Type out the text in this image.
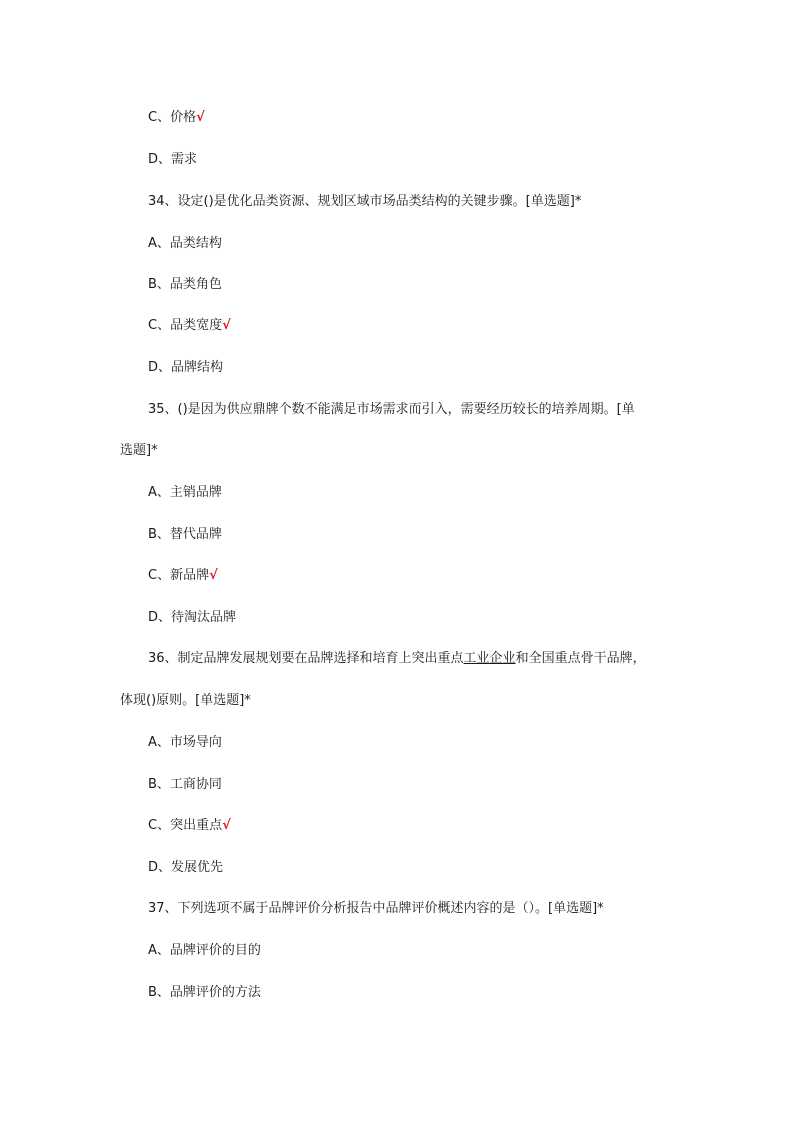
C、价格√
D、需求
34、设定()是优化品类资源、规划区域市场品类结构的关键步骤。[单选题]*
A、品类结构
B、品类角色
C、品类宽度√
D、品牌结构
35、()是因为供应鼎牌个数不能满足市场需求而引入，需要经历较长的培养周期。[单
选题]*
A、主销品牌
B、替代品牌
C、新品牌√
D、待淘汰品牌
36、制定品牌发展规划要在品牌选择和培育上突出重点工业企业和全国重点骨干品牌，
体现()原则。[单选题]*
A、市场导向
B、工商协同
C、突出重点√
D、发展优先
37、下列选项不属于品牌评价分析报告中品牌评价概述内容的是（）。[单选题]*
A、品牌评价的目的
B、品牌评价的方法
